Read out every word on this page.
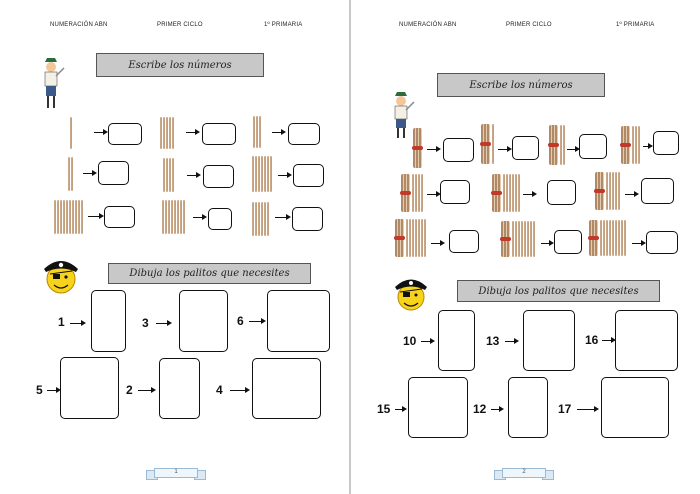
NUMERACIÓN ABN	PRIMER CICLO	1º PRIMARIA
Escribe los números
Dibuja los palitos que necesites
1	3	6
5	2	4
1
NUMERACIÓN ABN	PRIMER CICLO	1º PRIMARIA
Escribe los números
Dibuja los palitos que necesites
10	13	16
15	12	17
2
